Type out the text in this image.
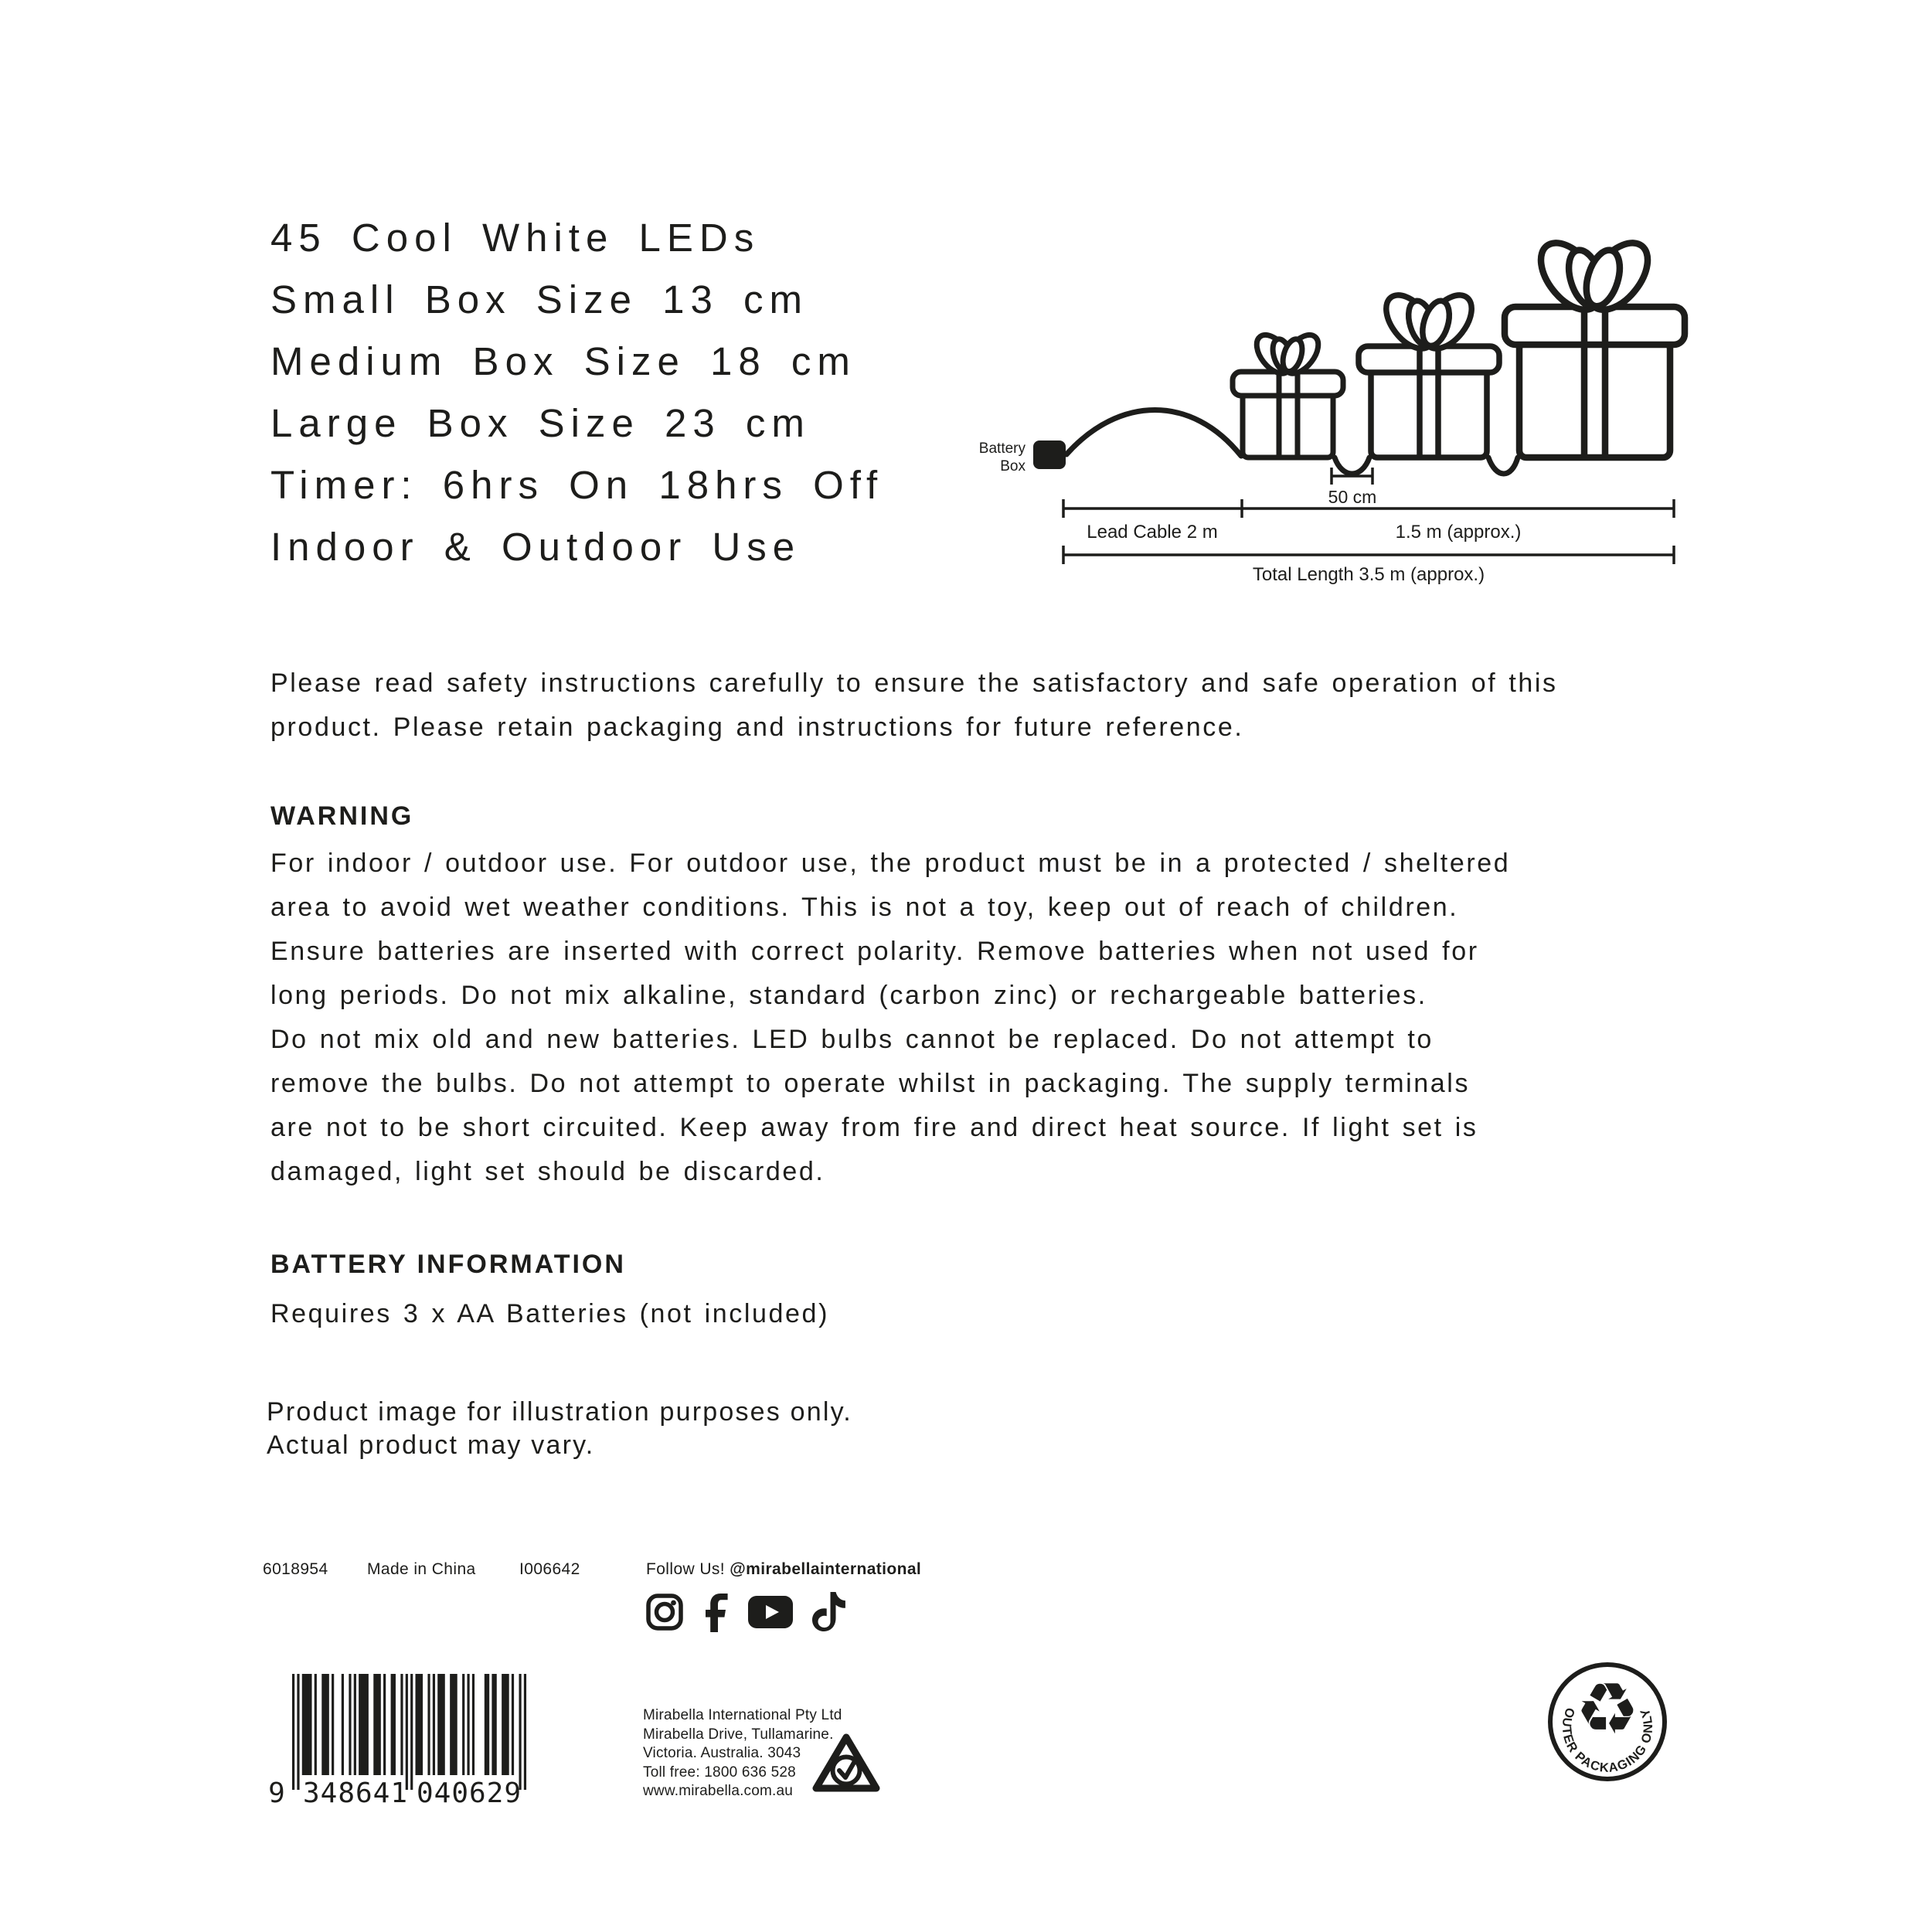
45 Cool White LEDs
Small Box Size 13 cm
Medium Box Size 18 cm
Large Box Size 23 cm
Timer: 6hrs On 18hrs Off
Indoor & Outdoor Use
Battery
Box
50 cm
Lead Cable 2 m	1.5 m (approx.)
Total Length 3.5 m (approx.)
Please read safety instructions carefully to ensure the satisfactory and safe operation of this
product. Please retain packaging and instructions for future reference.
WARNING
For indoor / outdoor use. For outdoor use, the product must be in a protected / sheltered
area to avoid wet weather conditions. This is not a toy, keep out of reach of children.
Ensure batteries are inserted with correct polarity. Remove batteries when not used for
long periods. Do not mix alkaline, standard (carbon zinc) or rechargeable batteries.
Do not mix old and new batteries. LED bulbs cannot be replaced. Do not attempt to
remove the bulbs. Do not attempt to operate whilst in packaging. The supply terminals
are not to be short circuited. Keep away from fire and direct heat source. If light set is
damaged, light set should be discarded.
BATTERY INFORMATION
Requires 3 x AA Batteries (not included)
Product image for illustration purposes only.
Actual product may vary.
6018954 Made in China	I006642	Follow Us! @mirabellainternational
9 348641 040629
Mirabella International Pty Ltd
Mirabella Drive, Tullamarine.
Victoria. Australia. 3043
Toll free: 1800 636 528
www.mirabella.com.au
♻
OUTER PACKAGING ONLY
